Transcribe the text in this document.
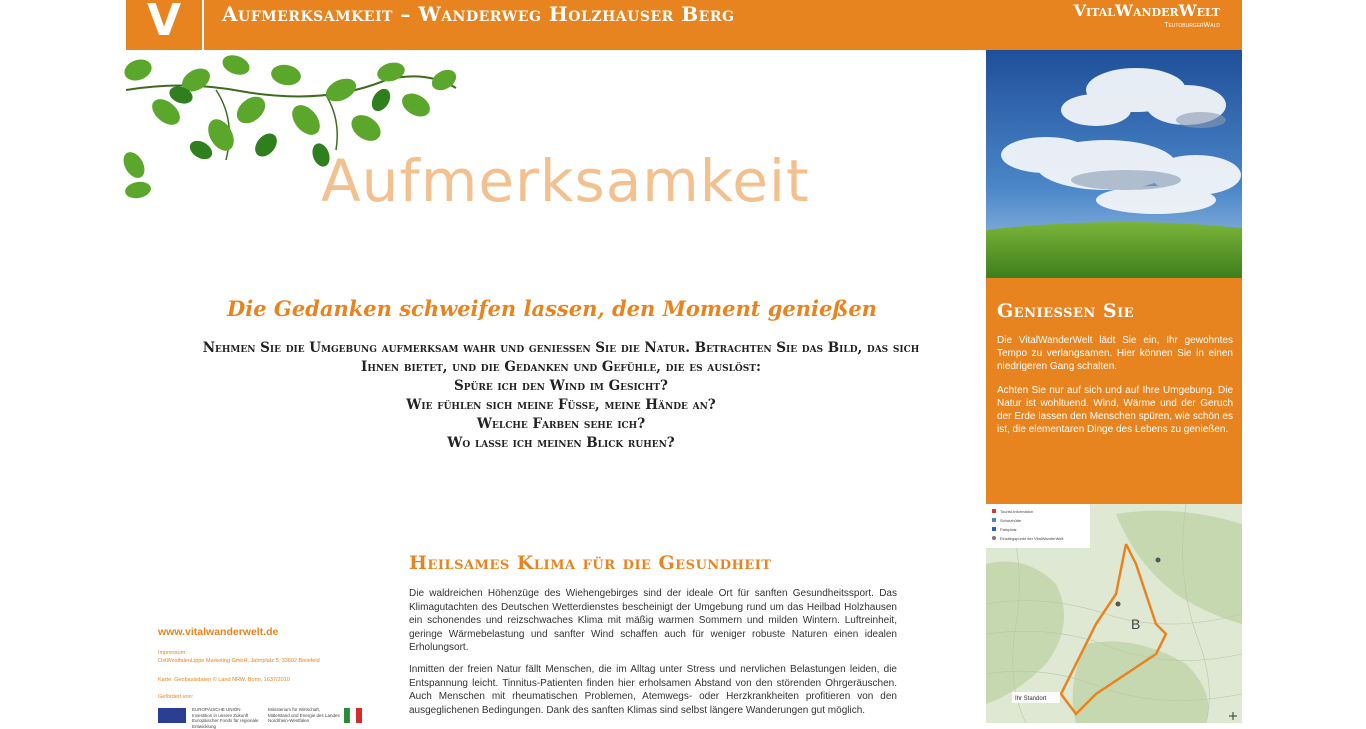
V	Aufmerksamkeit – Wanderweg Holzhauser Berg	VitalWanderWelt
TeutoburgerWald
Aufmerksamkeit
Geniessen Sie
Die VitalWanderWelt lädt Sie ein, Ihr gewohntes Tempo zu verlangsamen. Hier können Sie in einen niedrigeren Gang schalten.
Achten Sie nur auf sich und auf Ihre Umgebung. Die Natur ist wohltuend. Wind, Wärme und der Geruch der Erde lassen den Menschen spüren, wie schön es ist, die elementaren Dinge des Lebens zu genießen.
Tourist-Information
Schutzhütte
Parkplatz
Einstiegspunkt der VitalWanderWelt
B
Ihr Standort
Die Gedanken schweifen lassen, den Moment genießen
Nehmen Sie die Umgebung aufmerksam wahr und geniessen Sie die Natur. Betrachten Sie das Bild, das sich
Ihnen bietet, und die Gedanken und Gefühle, die es auslöst:
Spüre ich den Wind im Gesicht?
Wie fühlen sich meine Füsse, meine Hände an?
Welche Farben sehe ich?
Wo lasse ich meinen Blick ruhen?
Heilsames Klima für die Gesundheit
Die waldreichen Höhenzüge des Wiehengebirges sind der ideale Ort für sanften Gesundheitssport. Das Klimagutachten des Deutschen Wetterdienstes bescheinigt der Umgebung rund um das Heilbad Holzhausen ein schonendes und reizschwaches Klima mit mäßig warmen Sommern und milden Wintern. Luftreinheit, geringe Wärmebelastung und sanfter Wind schaffen auch für weniger robuste Naturen einen idealen Erholungsort.
Inmitten der freien Natur fällt Menschen, die im Alltag unter Stress und nervlichen Belastungen leiden, die Entspannung leicht. Tinnitus-Patienten finden hier erholsamen Abstand von den störenden Ohrgeräuschen. Auch Menschen mit rheumatischen Problemen, Atemwegs- oder Herzkrankheiten profitieren von den ausgeglichenen Bedingungen. Dank des sanften Klimas sind selbst längere Wanderungen gut möglich.
www.vitalwanderwelt.de
Impressum:
OstWestfalenLippe Marketing GmbH, Jahnplatz 5, 33602 Bielefeld
Karte: Geobasisdaten © Land NRW, Bonn, 1637/2010
Gefördert von:
EUROPÄISCHE UNION Investition in unsere Zukunft Europäischer Fonds für regionale Entwicklung
Ministerium für Wirtschaft, Mittelstand und Energie des Landes Nordrhein-Westfalen
